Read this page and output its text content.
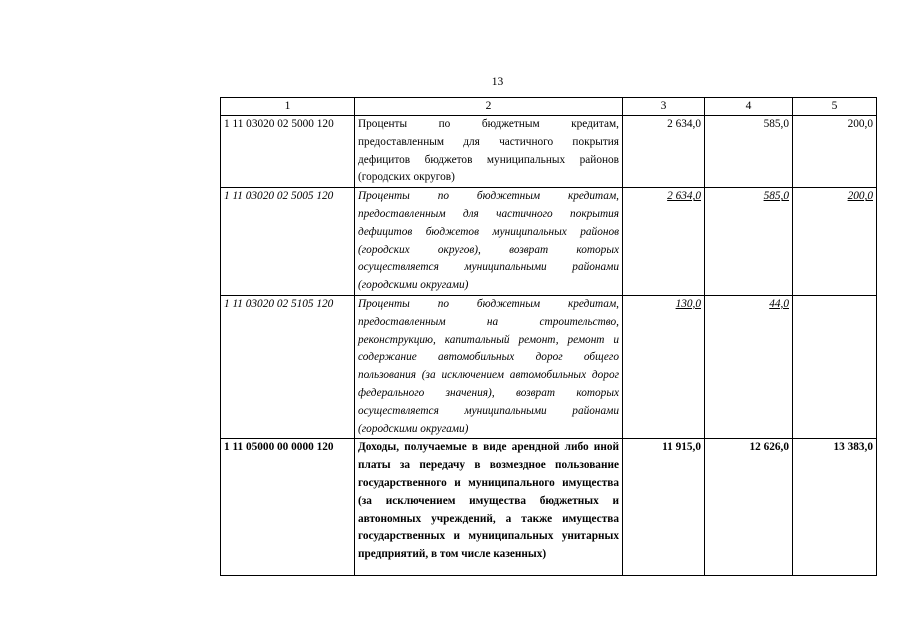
13
1	2	3	4	5
1 11 03020 02 5000 120	Проценты по бюджетным кредитам, предоставленным для частичного покрытия дефицитов бюджетов муниципальных районов (городских округов)	2 634,0	585,0	200,0
1 11 03020 02 5005 120	Проценты по бюджетным кредитам, предоставленным для частичного покрытия дефицитов бюджетов муниципальных районов (городских округов), возврат которых осуществляется муниципальными районами (городскими округами)	2 634,0	585,0	200,0
1 11 03020 02 5105 120	Проценты по бюджетным кредитам, предоставленным на строительство, реконструкцию, капитальный ремонт, ремонт и содержание автомобильных дорог общего пользования (за исключением автомобильных дорог федерального значения), возврат которых осуществляется муниципальными районами (городскими округами)	130,0	44,0	
1 11 05000 00 0000 120	Доходы, получаемые в виде арендной либо иной платы за передачу в возмездное пользование государственного и муниципального имущества (за исключением имущества бюджетных и автономных учреждений, а также имущества государственных и муниципальных унитарных предприятий, в том числе казенных)	11 915,0	12 626,0	13 383,0
